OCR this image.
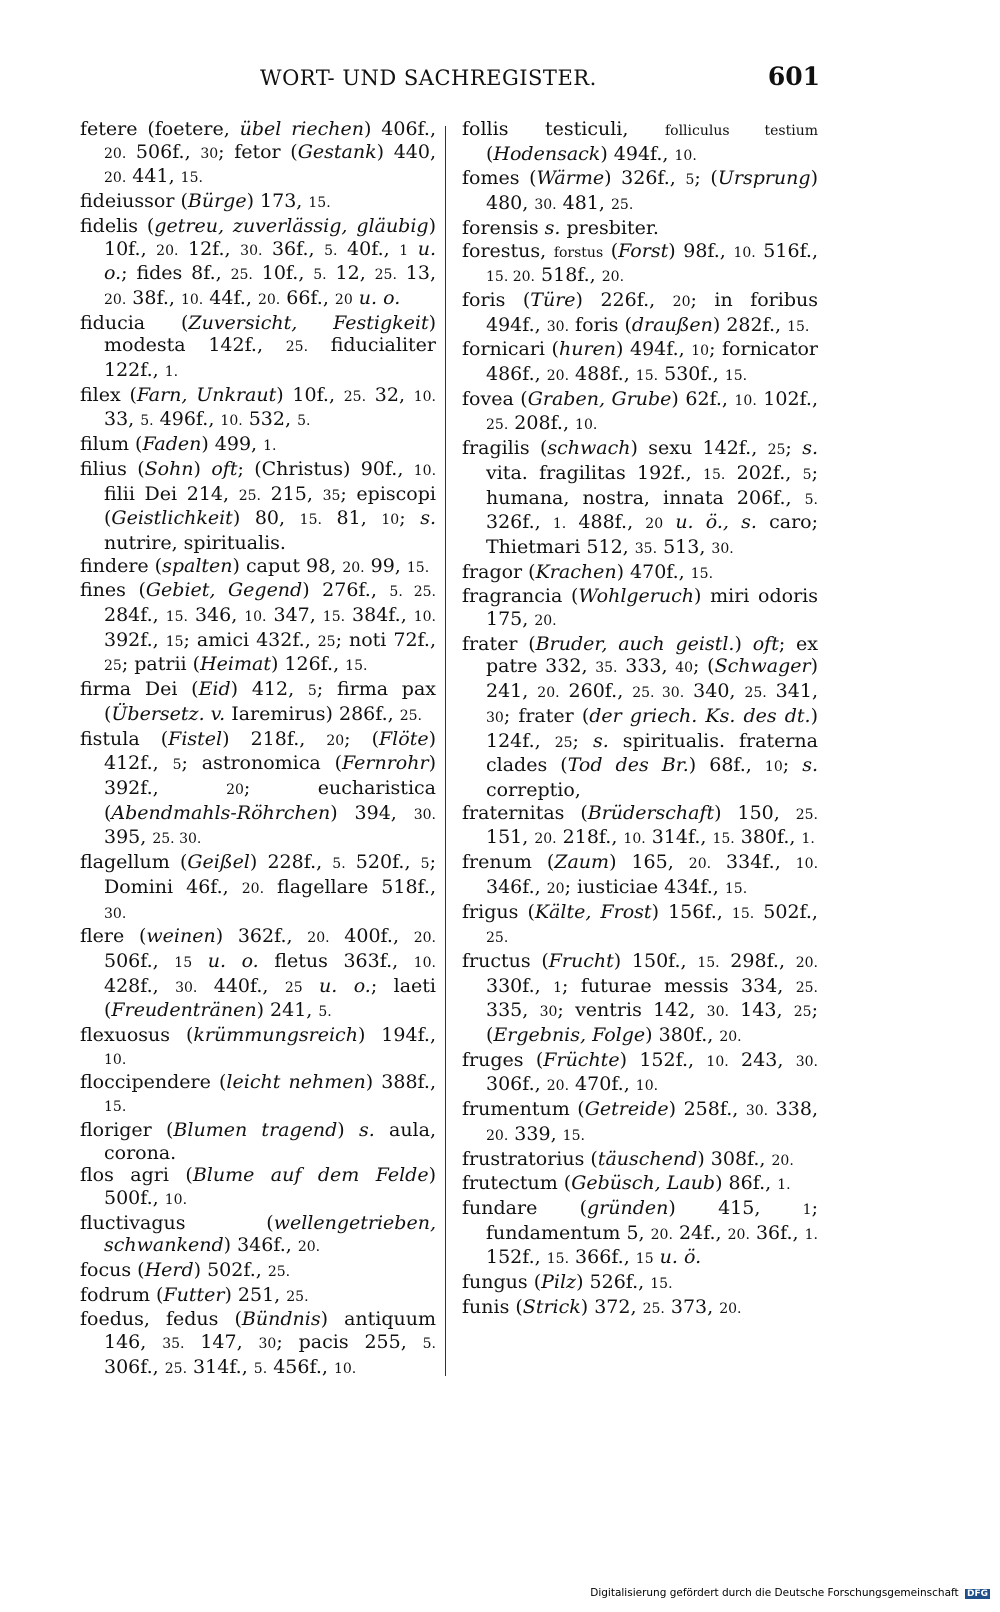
WORT- UND SACHREGISTER.	601

fetere (foetere, übel riechen) 406f., 20. 506f., 30; fetor (Gestank) 440, 20. 441, 15.

fideiussor (Bürge) 173, 15.

fidelis (getreu, zuverlässig, gläubig) 10f., 20. 12f., 30. 36f., 5. 40f., 1 u. o.; fides 8f., 25. 10f., 5. 12, 25. 13, 20. 38f., 10. 44f., 20. 66f., 20 u. o.

fiducia (Zuversicht, Festigkeit) modesta 142f., 25. fiducialiter 122f., 1.

filex (Farn, Unkraut) 10f., 25. 32, 10. 33, 5. 496f., 10. 532, 5.

filum (Faden) 499, 1.

filius (Sohn) oft; (Christus) 90f., 10. filii Dei 214, 25. 215, 35; episcopi (Geistlichkeit) 80, 15. 81, 10; s. nutrire, spiritualis.

findere (spalten) caput 98, 20. 99, 15.

fines (Gebiet, Gegend) 276f., 5. 25. 284f., 15. 346, 10. 347, 15. 384f., 10. 392f., 15; amici 432f., 25; noti 72f., 25; patrii (Heimat) 126f., 15.

firma Dei (Eid) 412, 5; firma pax (Übersetz. v. Iaremirus) 286f., 25.

fistula (Fistel) 218f., 20; (Flöte) 412f., 5; astronomica (Fernrohr) 392f., 20; eucharistica (Abendmahls-Röhrchen) 394, 30. 395, 25. 30.

flagellum (Geißel) 228f., 5. 520f., 5; Domini 46f., 20. flagellare 518f., 30.

flere (weinen) 362f., 20. 400f., 20. 506f., 15 u. o. fletus 363f., 10. 428f., 30. 440f., 25 u. o.; laeti (Freudentränen) 241, 5.

flexuosus (krümmungsreich) 194f., 10.

floccipendere (leicht nehmen) 388f., 15.

floriger (Blumen tragend) s. aula, corona.

flos agri (Blume auf dem Felde) 500f., 10.

fluctivagus (wellengetrieben, schwankend) 346f., 20.

focus (Herd) 502f., 25.

fodrum (Futter) 251, 25.

foedus, fedus (Bündnis) antiquum 146, 35. 147, 30; pacis 255, 5. 306f., 25. 314f., 5. 456f., 10.

follis testiculi, folliculus testium (Hodensack) 494f., 10.

fomes (Wärme) 326f., 5; (Ursprung) 480, 30. 481, 25.

forensis s. presbiter.

forestus, forstus (Forst) 98f., 10. 516f., 15. 20. 518f., 20.

foris (Türe) 226f., 20; in foribus 494f., 30. foris (draußen) 282f., 15.

fornicari (huren) 494f., 10; fornicator 486f., 20. 488f., 15. 530f., 15.

fovea (Graben, Grube) 62f., 10. 102f., 25. 208f., 10.

fragilis (schwach) sexu 142f., 25; s. vita. fragilitas 192f., 15. 202f., 5; humana, nostra, innata 206f., 5. 326f., 1. 488f., 20 u. ö., s. caro; Thietmari 512, 35. 513, 30.

fragor (Krachen) 470f., 15.

fragrancia (Wohlgeruch) miri odoris 175, 20.

frater (Bruder, auch geistl.) oft; ex patre 332, 35. 333, 40; (Schwager) 241, 20. 260f., 25. 30. 340, 25. 341, 30; frater (der griech. Ks. des dt.) 124f., 25; s. spiritualis. fraterna clades (Tod des Br.) 68f., 10; s. correptio,

fraternitas (Brüderschaft) 150, 25. 151, 20. 218f., 10. 314f., 15. 380f., 1.

frenum (Zaum) 165, 20. 334f., 10. 346f., 20; iusticiae 434f., 15.

frigus (Kälte, Frost) 156f., 15. 502f., 25.

fructus (Frucht) 150f., 15. 298f., 20. 330f., 1; futurae messis 334, 25. 335, 30; ventris 142, 30. 143, 25; (Ergebnis, Folge) 380f., 20.

fruges (Früchte) 152f., 10. 243, 30. 306f., 20. 470f., 10.

frumentum (Getreide) 258f., 30. 338, 20. 339, 15.

frustratorius (täuschend) 308f., 20.

frutectum (Gebüsch, Laub) 86f., 1.

fundare (gründen) 415, 1; fundamentum 5, 20. 24f., 20. 36f., 1. 152f., 15. 366f., 15 u. ö.

fungus (Pilz) 526f., 15.

funis (Strick) 372, 25. 373, 20.

Digitalisierung gefördert durch die Deutsche Forschungsgemeinschaft DFG
